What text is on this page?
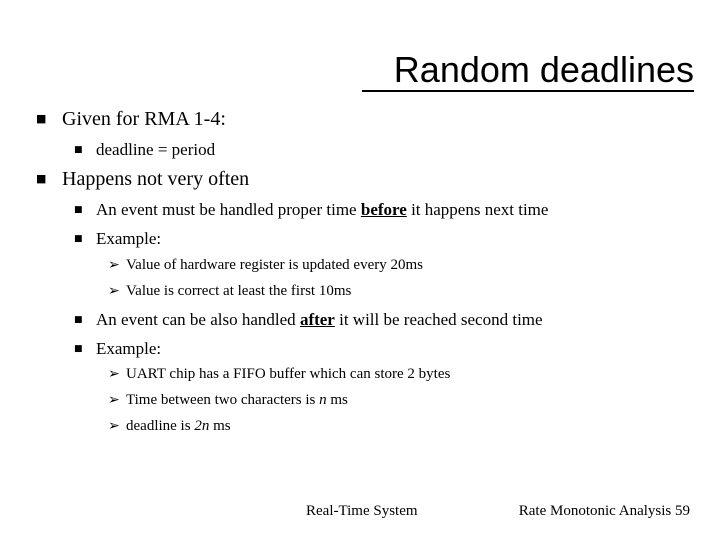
Random deadlines
■ Given for RMA 1-4:
■ deadline = period
■ Happens not very often
■ An event must be handled proper time before it happens next time
■ Example:
➢ Value of hardware register is updated every 20ms
➢ Value is correct at least the first 10ms
■ An event can be also handled after it will be reached second time
■ Example:
➢ UART chip has a FIFO buffer which can store 2 bytes
➢ Time between two characters is n ms
➢ deadline is 2n ms
Real-Time System	Rate Monotonic Analysis 59
